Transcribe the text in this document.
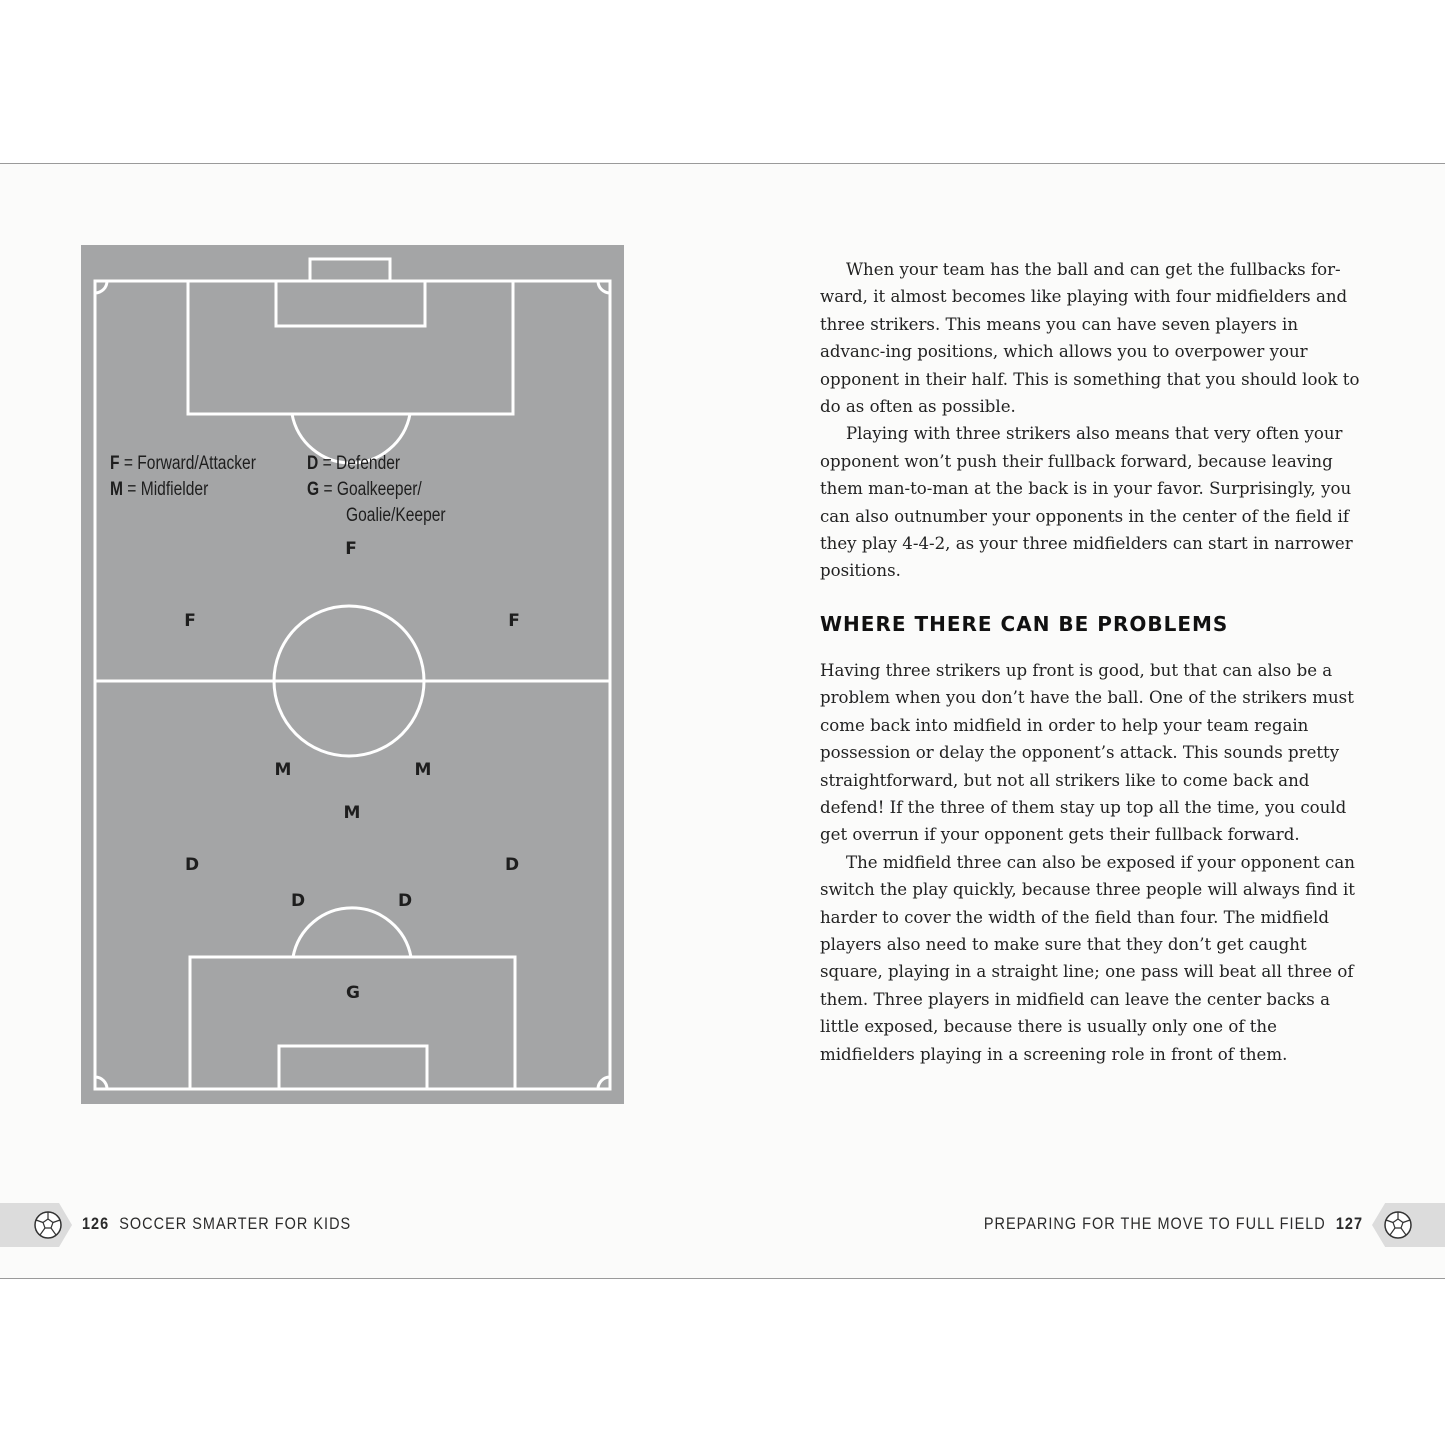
F = Forward/Attacker
M = Midfielder
D = Defender
G = Goalkeeper/
Goalie/Keeper
F
F	F
M	M
M
D	D
D	D
G

When your team has the ball and can get the fullbacks for-ward, it almost becomes like playing with four midfielders and three strikers. This means you can have seven players in advanc-ing positions, which allows you to overpower your opponent in their half. This is something that you should look to do as often as possible.

Playing with three strikers also means that very often your opponent won’t push their fullback forward, because leaving them man-to-man at the back is in your favor. Surprisingly, you can also outnumber your opponents in the center of the field if they play 4-4-2, as your three midfielders can start in narrower positions.

WHERE THERE CAN BE PROBLEMS

Having three strikers up front is good, but that can also be a problem when you don’t have the ball. One of the strikers must come back into midfield in order to help your team regain possession or delay the opponent’s attack. This sounds pretty straightforward, but not all strikers like to come back and defend! If the three of them stay up top all the time, you could get overrun if your opponent gets their fullback forward.

The midfield three can also be exposed if your opponent can switch the play quickly, because three people will always find it harder to cover the width of the field than four. The midfield players also need to make sure that they don’t get caught square, playing in a straight line; one pass will beat all three of them. Three players in midfield can leave the center backs a little exposed, because there is usually only one of the midfielders playing in a screening role in front of them.

126 SOCCER SMARTER FOR KIDS	PREPARING FOR THE MOVE TO FULL FIELD 127
